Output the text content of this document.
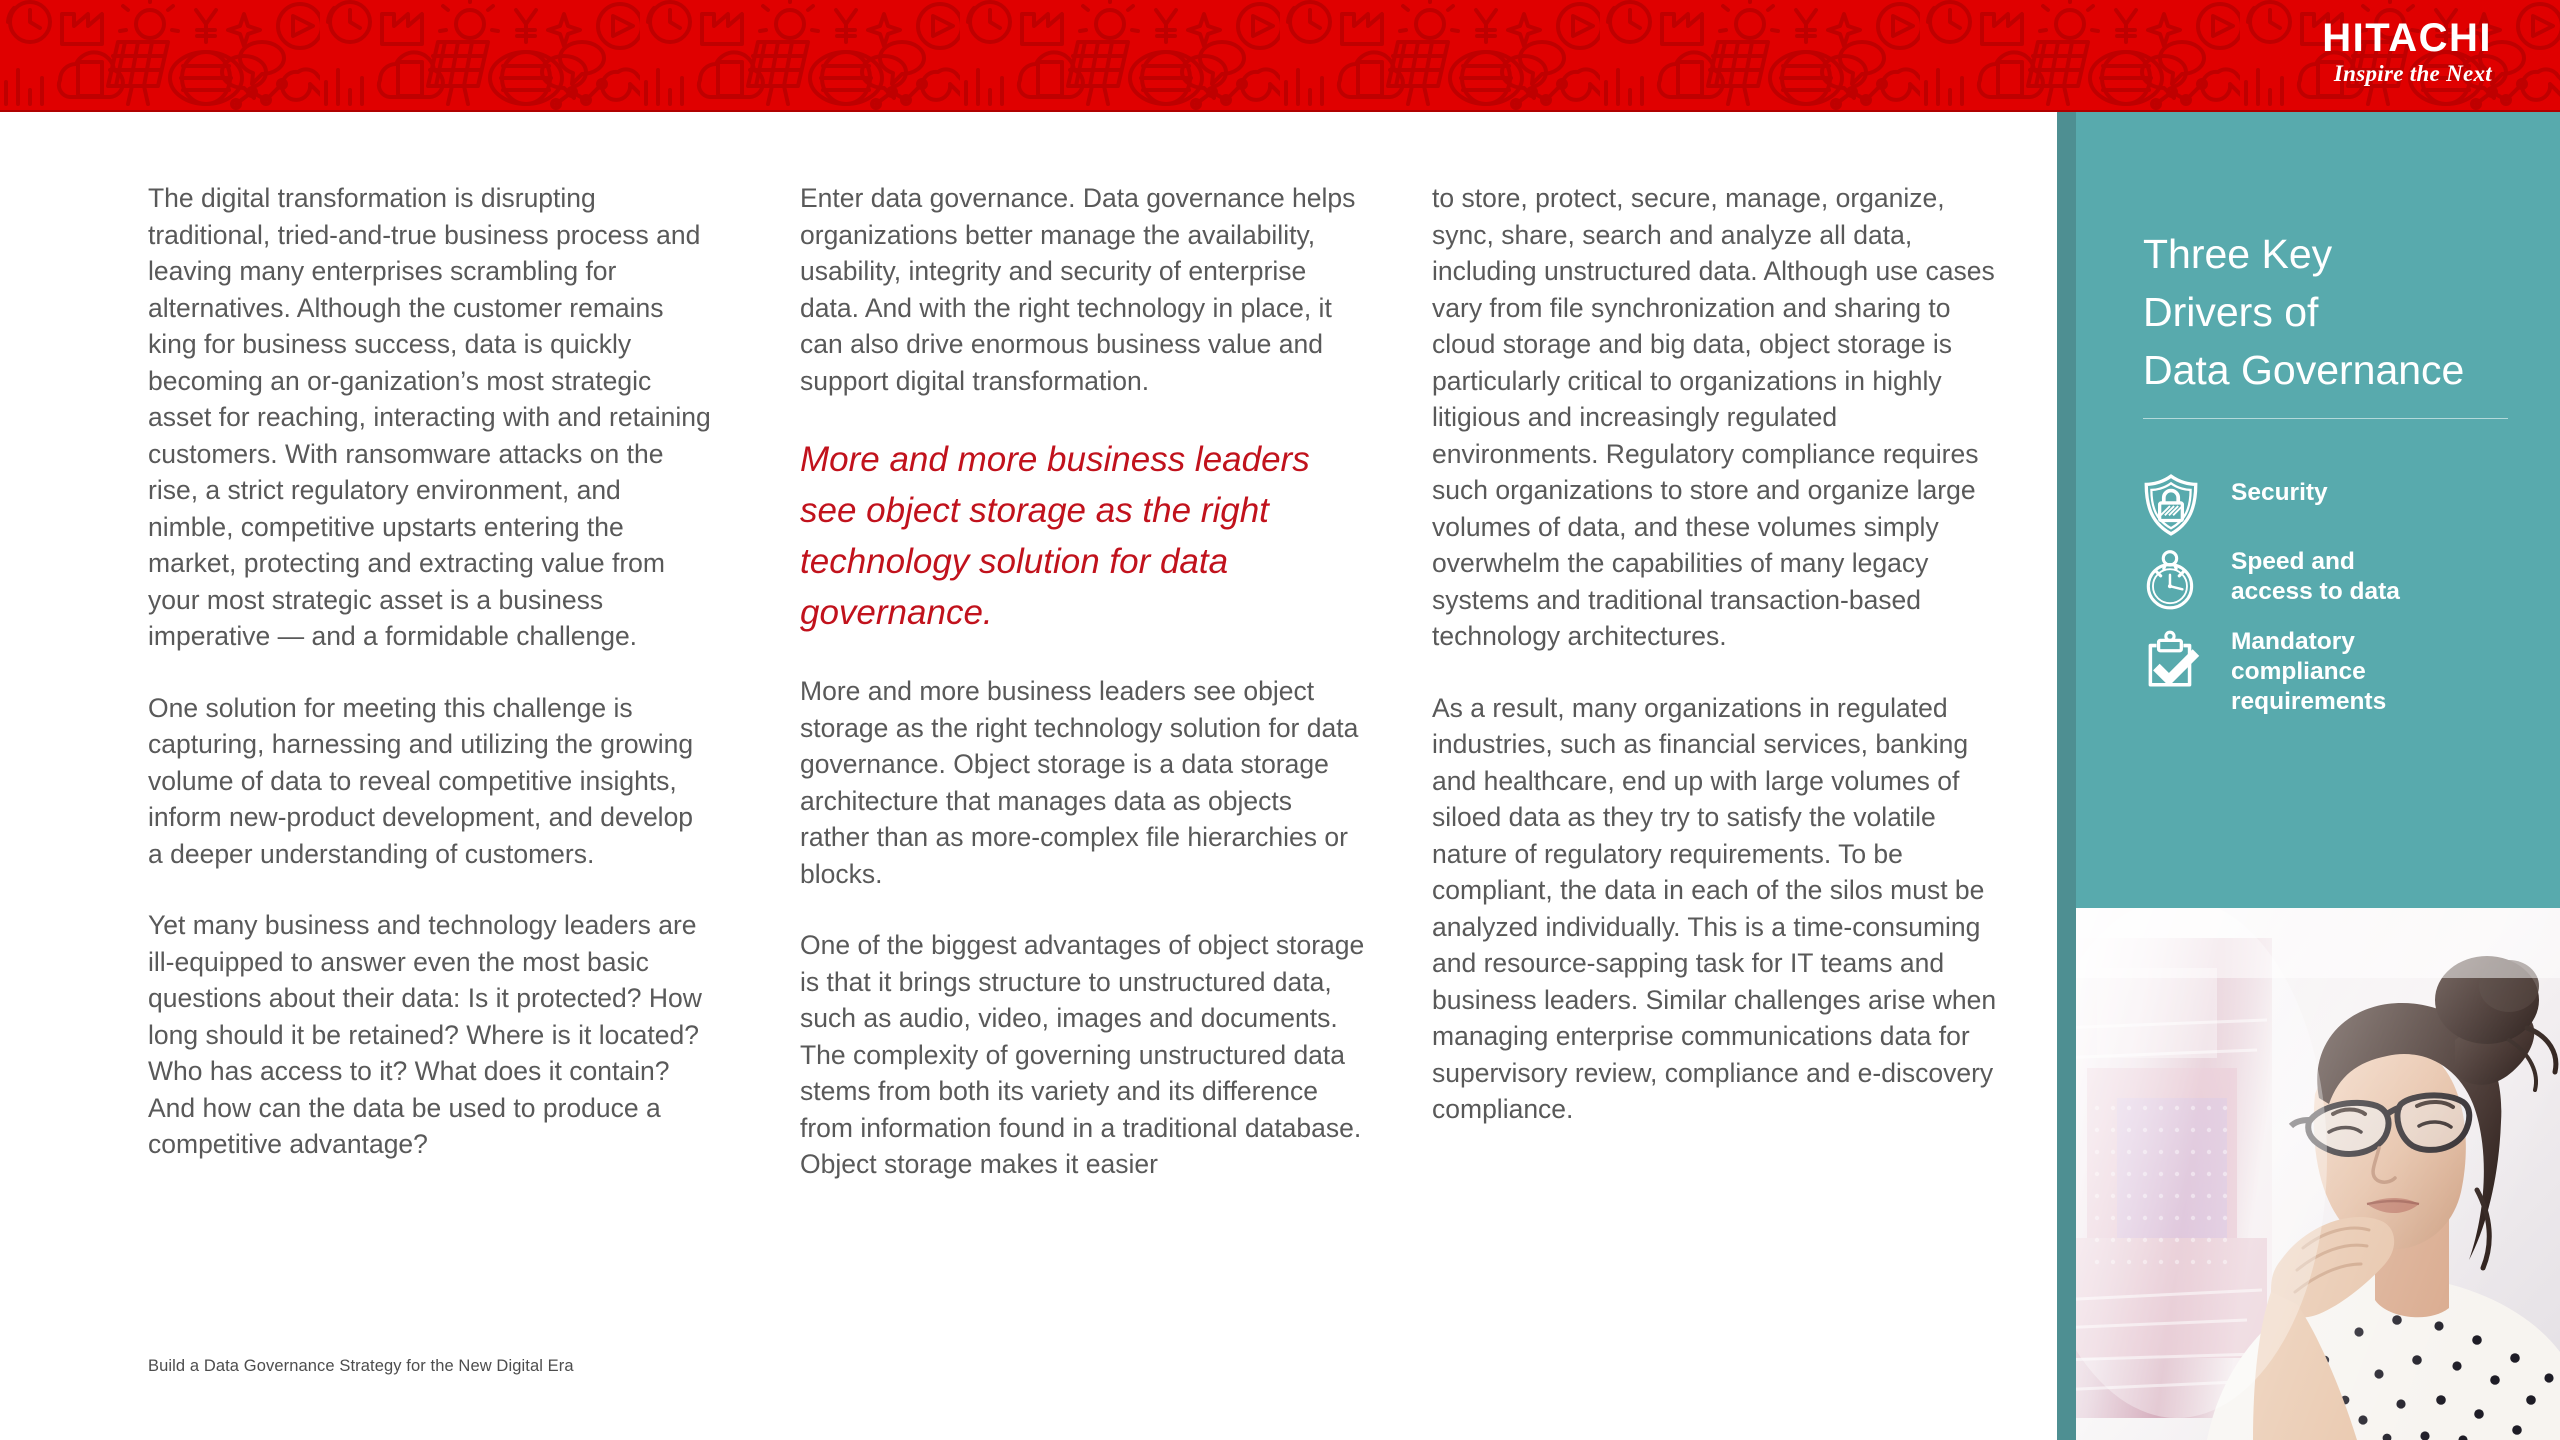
HITACHI
Inspire the Next

The digital transformation is disrupting traditional, tried-and-true business process and leaving many enterprises scrambling for alternatives. Although the customer remains king for business success, data is quickly becoming an or-ganization’s most strategic asset for reaching, interacting with and retaining customers. With ransomware attacks on the rise, a strict regulatory environment, and nimble, competitive upstarts entering the market, protecting and extracting value from your most strategic asset is a business imperative — and a formidable challenge.

One solution for meeting this challenge is capturing, harnessing and utilizing the growing volume of data to reveal competitive insights, inform new-product development, and develop a deeper understanding of customers.

Yet many business and technology leaders are ill-equipped to answer even the most basic questions about their data: Is it protected? How long should it be retained? Where is it located? Who has access to it? What does it contain? And how can the data be used to produce a competitive advantage?

Enter data governance. Data governance helps organizations better manage the availability, usability, integrity and security of enterprise data. And with the right technology in place, it can also drive enormous business value and support digital transformation.

More and more business leaders see object storage as the right technology solution for data governance.

More and more business leaders see object storage as the right technology solution for data governance. Object storage is a data storage architecture that manages data as objects rather than as more-complex file hierarchies or blocks.

One of the biggest advantages of object storage is that it brings structure to unstructured data, such as audio, video, images and documents. The complexity of governing unstructured data stems from both its variety and its difference from information found in a traditional database. Object storage makes it easier

to store, protect, secure, manage, organize, sync, share, search and analyze all data, including unstructured data. Although use cases vary from file synchronization and sharing to cloud storage and big data, object storage is particularly critical to organizations in highly litigious and increasingly regulated environments. Regulatory compliance requires such organizations to store and organize large volumes of data, and these volumes simply overwhelm the capabilities of many legacy systems and traditional transaction-based technology architectures.

As a result, many organizations in regulated industries, such as financial services, banking and healthcare, end up with large volumes of siloed data as they try to satisfy the volatile nature of regulatory requirements. To be compliant, the data in each of the silos must be analyzed individually. This is a time-consuming and resource-sapping task for IT teams and business leaders. Similar challenges arise when managing enterprise communications data for supervisory review, compliance and e-discovery compliance.

Build a Data Governance Strategy for the New Digital Era
Three Key
Drivers of
Data Governance
Security
Speed and
access to data
Mandatory
compliance
requirements
